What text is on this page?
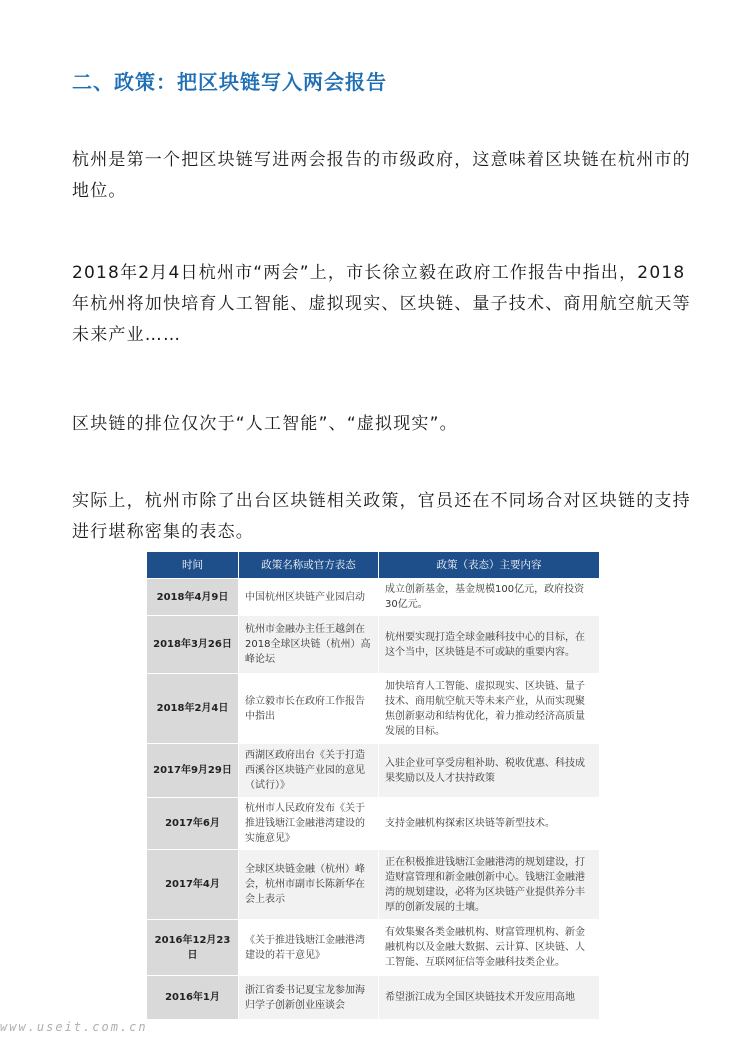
二、政策：把区块链写入两会报告

杭州是第一个把区块链写进两会报告的市级政府，这意味着区块链在杭州市的地位。

2018年2月4日杭州市“两会”上，市长徐立毅在政府工作报告中指出，2018年杭州将加快培育人工智能、虚拟现实、区块链、量子技术、商用航空航天等未来产业……

区块链的排位仅次于“人工智能”、“虚拟现实”。

实际上，杭州市除了出台区块链相关政策，官员还在不同场合对区块链的支持进行堪称密集的表态。

时间	政策名称或官方表态	政策（表态）主要内容
2018年4月9日	中国杭州区块链产业园启动	成立创新基金，基金规模100亿元，政府投资30亿元。
2018年3月26日	杭州市金融办主任王越剑在2018全球区块链（杭州）高峰论坛	杭州要实现打造全球金融科技中心的目标，在这个当中，区块链是不可或缺的重要内容。
2018年2月4日	徐立毅市长在政府工作报告中指出	加快培育人工智能、虚拟现实、区块链、量子技术、商用航空航天等未来产业，从而实现聚焦创新驱动和结构优化，着力推动经济高质量发展的目标。
2017年9月29日	西湖区政府出台《关于打造西溪谷区块链产业园的意见（试行）》	入驻企业可享受房租补助、税收优惠、科技成果奖励以及人才扶持政策
2017年6月	杭州市人民政府发布《关于推进钱塘江金融港湾建设的实施意见》	支持金融机构探索区块链等新型技术。
2017年4月	全球区块链金融（杭州）峰会，杭州市副市长陈新华在会上表示	正在积极推进钱塘江金融港湾的规划建设，打造财富管理和新金融创新中心。钱塘江金融港湾的规划建设，必将为区块链产业提供养分丰厚的创新发展的土壤。
2016年12月23日	《关于推进钱塘江金融港湾建设的若干意见》	有效集聚各类金融机构、财富管理机构、新金融机构以及金融大数据、云计算、区块链、人工智能、互联网征信等金融科技类企业。
2016年1月	浙江省委书记夏宝龙参加海归学子创新创业座谈会	希望浙江成为全国区块链技术开发应用高地
www.useit.com.cn
